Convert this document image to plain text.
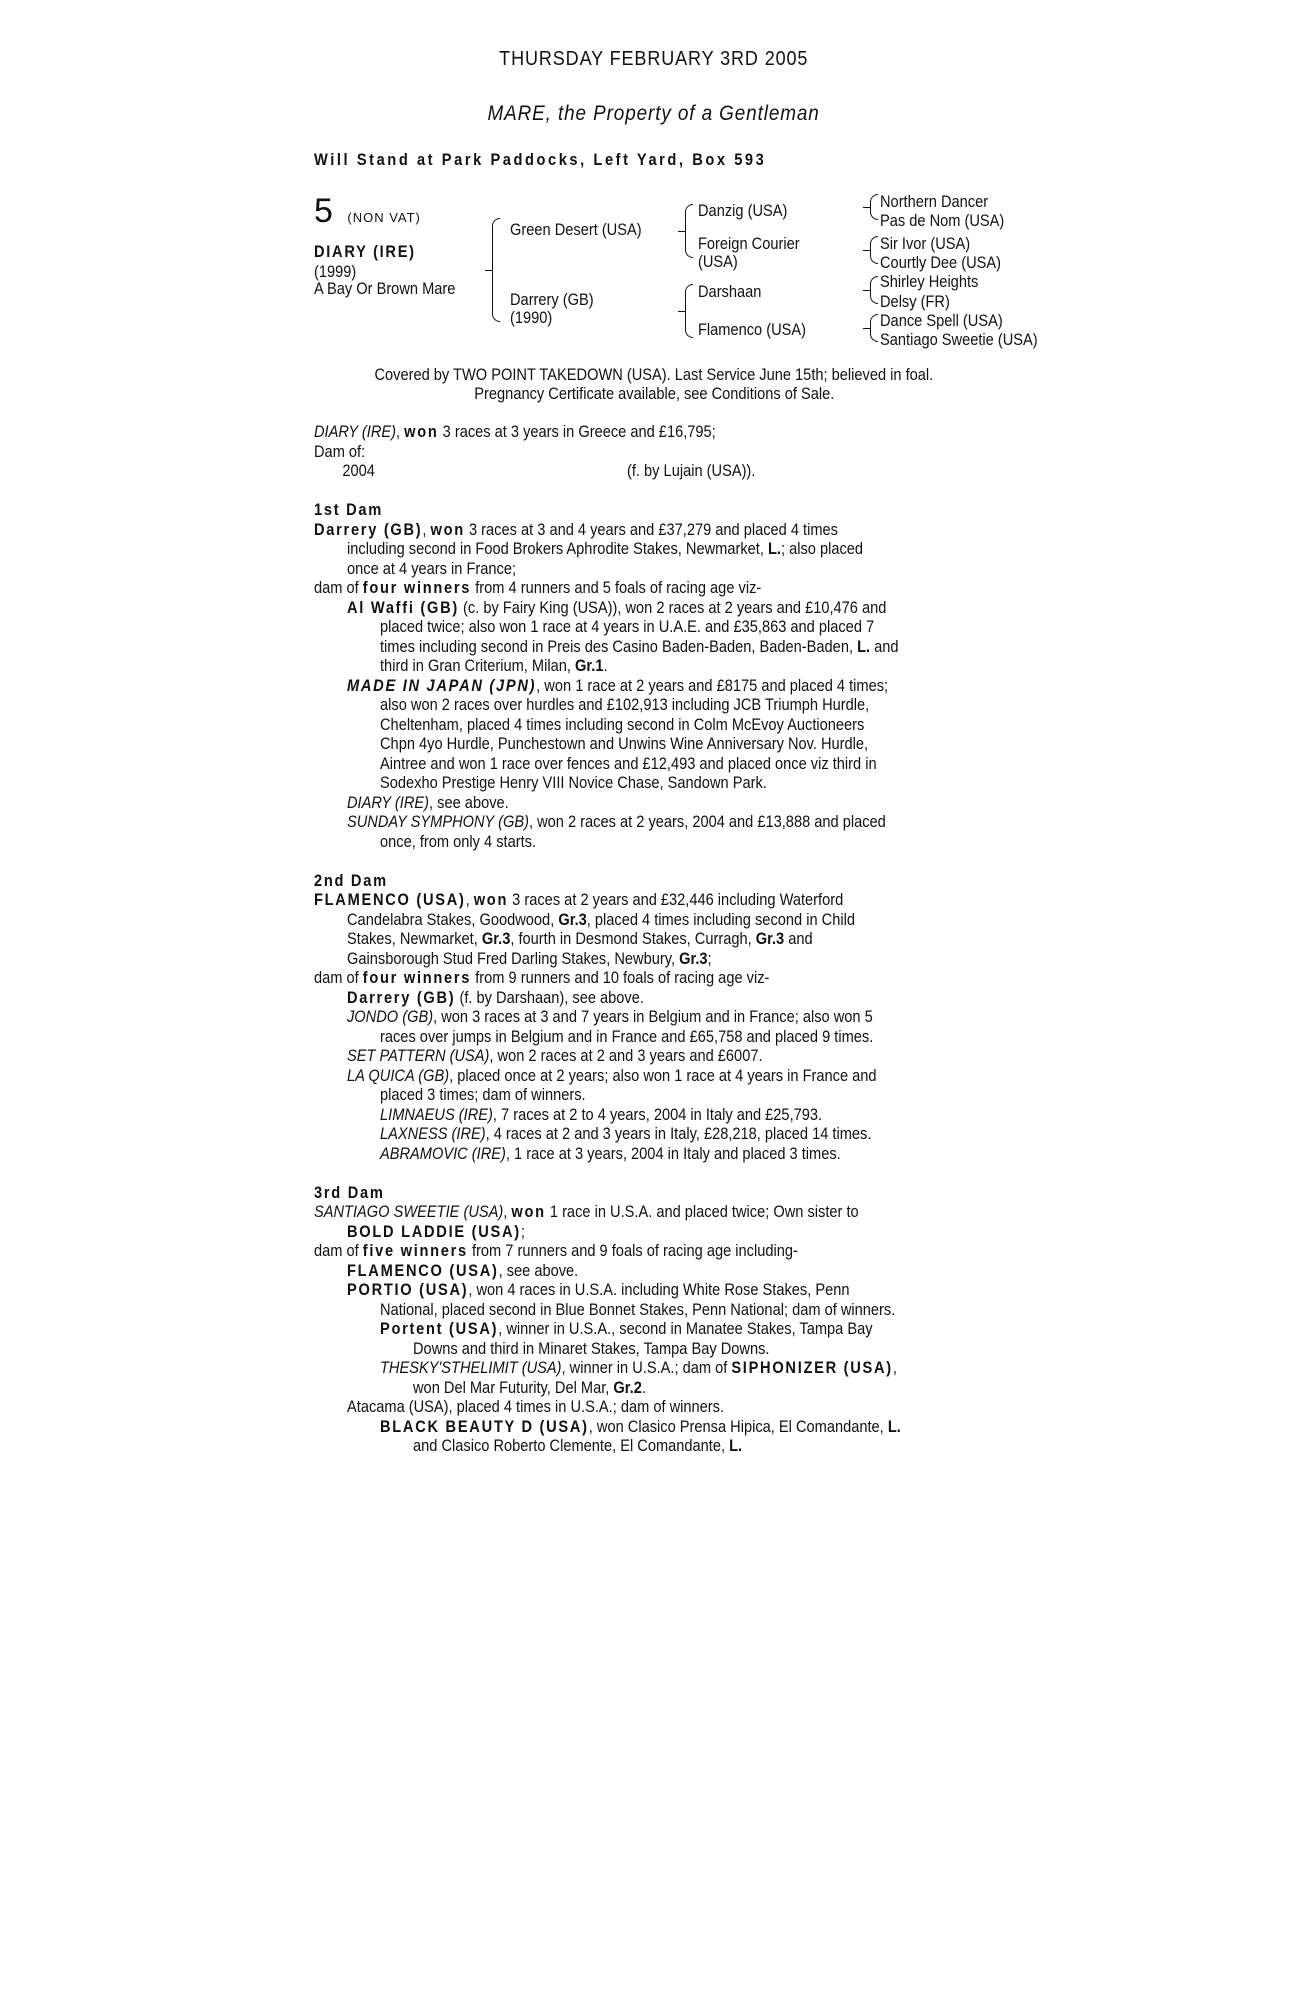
THURSDAY FEBRUARY 3RD 2005
MARE, the Property of a Gentleman
Will Stand at Park Paddocks, Left Yard, Box 593
5 (NON VAT)
DIARY (IRE)
(1999)
A Bay Or Brown Mare
Green Desert (USA)
Darrery (GB)
(1990)
Danzig (USA)
Foreign Courier
(USA)
Darshaan
Flamenco (USA)
Northern Dancer
Pas de Nom (USA)
Sir Ivor (USA)
Courtly Dee (USA)
Shirley Heights
Delsy (FR)
Dance Spell (USA)
Santiago Sweetie (USA)
Covered by TWO POINT TAKEDOWN (USA). Last Service June 15th; believed in foal.
Pregnancy Certificate available, see Conditions of Sale.
DIARY (IRE), won 3 races at 3 years in Greece and £16,795;
Dam of:
2004	(f. by Lujain (USA)).
1st Dam
Darrery (GB), won 3 races at 3 and 4 years and £37,279 and placed 4 times
including second in Food Brokers Aphrodite Stakes, Newmarket, L.; also placed
once at 4 years in France;
dam of four winners from 4 runners and 5 foals of racing age viz-
Al Waffi (GB) (c. by Fairy King (USA)), won 2 races at 2 years and £10,476 and
placed twice; also won 1 race at 4 years in U.A.E. and £35,863 and placed 7
times including second in Preis des Casino Baden-Baden, Baden-Baden, L. and
third in Gran Criterium, Milan, Gr.1.
MADE IN JAPAN (JPN), won 1 race at 2 years and £8175 and placed 4 times;
also won 2 races over hurdles and £102,913 including JCB Triumph Hurdle,
Cheltenham, placed 4 times including second in Colm McEvoy Auctioneers
Chpn 4yo Hurdle, Punchestown and Unwins Wine Anniversary Nov. Hurdle,
Aintree and won 1 race over fences and £12,493 and placed once viz third in
Sodexho Prestige Henry VIII Novice Chase, Sandown Park.
DIARY (IRE), see above.
SUNDAY SYMPHONY (GB), won 2 races at 2 years, 2004 and £13,888 and placed
once, from only 4 starts.
2nd Dam
FLAMENCO (USA), won 3 races at 2 years and £32,446 including Waterford
Candelabra Stakes, Goodwood, Gr.3, placed 4 times including second in Child
Stakes, Newmarket, Gr.3, fourth in Desmond Stakes, Curragh, Gr.3 and
Gainsborough Stud Fred Darling Stakes, Newbury, Gr.3;
dam of four winners from 9 runners and 10 foals of racing age viz-
Darrery (GB) (f. by Darshaan), see above.
JONDO (GB), won 3 races at 3 and 7 years in Belgium and in France; also won 5
races over jumps in Belgium and in France and £65,758 and placed 9 times.
SET PATTERN (USA), won 2 races at 2 and 3 years and £6007.
LA QUICA (GB), placed once at 2 years; also won 1 race at 4 years in France and
placed 3 times; dam of winners.
LIMNAEUS (IRE), 7 races at 2 to 4 years, 2004 in Italy and £25,793.
LAXNESS (IRE), 4 races at 2 and 3 years in Italy, £28,218, placed 14 times.
ABRAMOVIC (IRE), 1 race at 3 years, 2004 in Italy and placed 3 times.
3rd Dam
SANTIAGO SWEETIE (USA), won 1 race in U.S.A. and placed twice; Own sister to
BOLD LADDIE (USA);
dam of five winners from 7 runners and 9 foals of racing age including-
FLAMENCO (USA), see above.
PORTIO (USA), won 4 races in U.S.A. including White Rose Stakes, Penn
National, placed second in Blue Bonnet Stakes, Penn National; dam of winners.
Portent (USA), winner in U.S.A., second in Manatee Stakes, Tampa Bay
Downs and third in Minaret Stakes, Tampa Bay Downs.
THESKY'STHELIMIT (USA), winner in U.S.A.; dam of SIPHONIZER (USA),
won Del Mar Futurity, Del Mar, Gr.2.
Atacama (USA), placed 4 times in U.S.A.; dam of winners.
BLACK BEAUTY D (USA), won Clasico Prensa Hipica, El Comandante, L.
and Clasico Roberto Clemente, El Comandante, L.
